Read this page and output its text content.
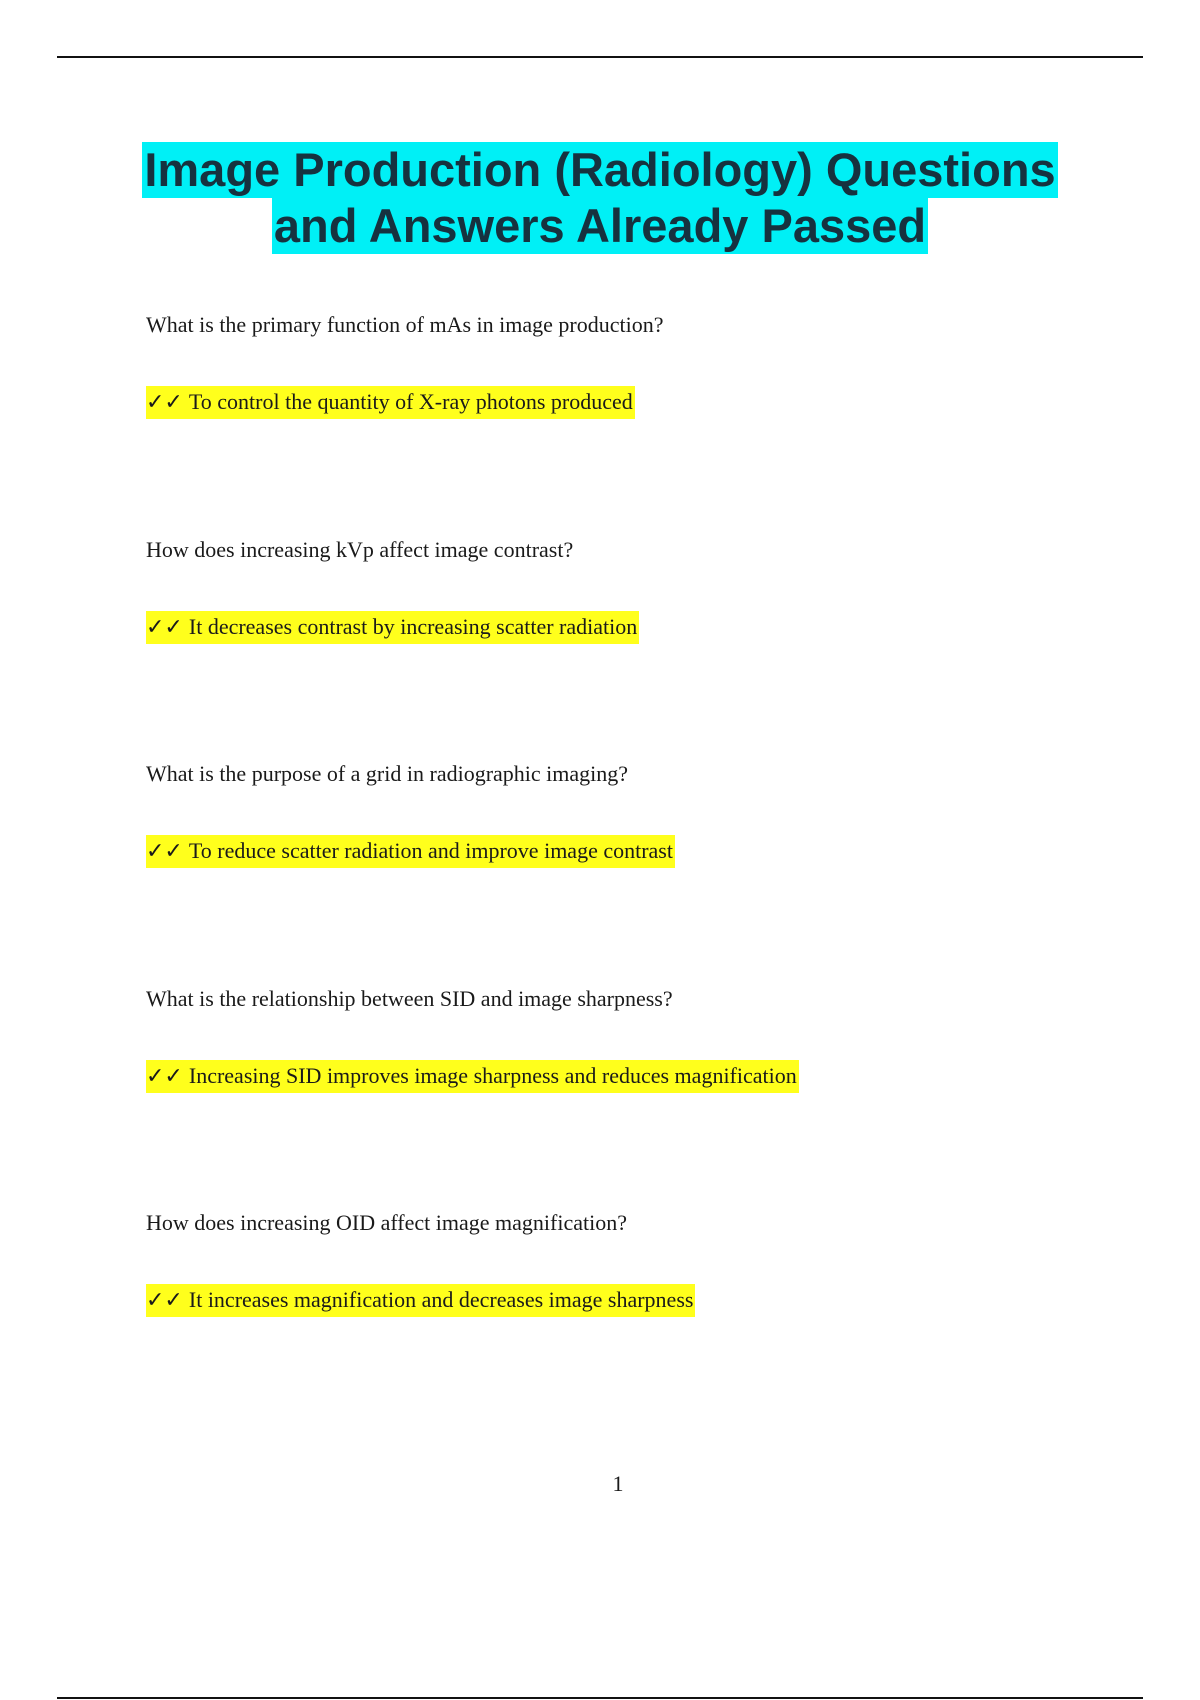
Image Production (Radiology) Questions
and Answers Already Passed

What is the primary function of mAs in image production?

✓✓ To control the quantity of X-ray photons produced

How does increasing kVp affect image contrast?

✓✓ It decreases contrast by increasing scatter radiation

What is the purpose of a grid in radiographic imaging?

✓✓ To reduce scatter radiation and improve image contrast

What is the relationship between SID and image sharpness?

✓✓ Increasing SID improves image sharpness and reduces magnification

How does increasing OID affect image magnification?

✓✓ It increases magnification and decreases image sharpness

1
